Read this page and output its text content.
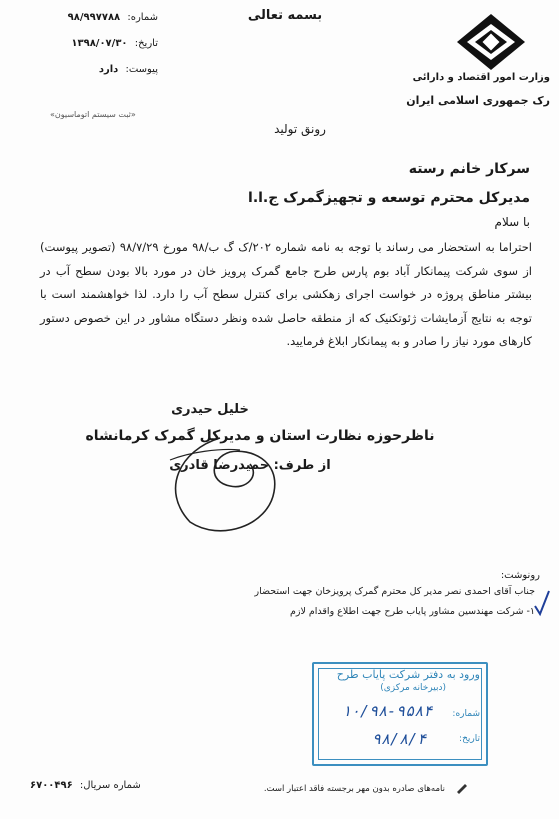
بسمه تعالی
شماره: ۹۸/۹۹۷۷۸۸
تاریخ: ۱۳۹۸/۰۷/۳۰
پیوست: دارد
«ثبت سیستم اتوماسیون»
وزارت امور اقتصاد و دارائی
رک جمهوری اسلامی ایران
رونق تولید
سرکار خانم رسته
مدیرکل محترم توسعه و تجهیزگمرک ج.ا.ا
با سلام
احتراما به استحضار می رساند با توجه به نامه شماره ۲۰۲/ک گ ب/۹۸ مورخ ۹۸/۷/۲۹ (تصویر پیوست) از سوی شرکت پیمانکار آباد بوم پارس طرح جامع گمرک پرویز خان در مورد بالا بودن سطح آب در بیشتر مناطق پروژه در خواست اجرای زهکشی برای کنترل سطح آب را دارد. لذا خواهشمند است با توجه به نتایج آزمایشات ژئوتکنیک که از منطقه حاصل شده ونظر دستگاه مشاور در این خصوص دستور کارهای مورد نیاز را صادر و به پیمانکار ابلاغ فرمایید.
خلیل حیدری
ناظرحوزه نظارت استان و مدیرکل گمرک کرمانشاه
از طرف: حمیدرضا قادری
رونوشت:
جناب آقای احمدی نصر مدیر کل محترم گمرک پرویزخان جهت استحضار
۱- شرکت مهندسین مشاور پایاب طرح جهت اطلاع واقدام لازم
ورود به دفتر شرکت پایاب طرح
(دبیرخانه مرکزی)
شماره:
۱۰/۹۸-۹۵۸۴
تاریخ:
۹۸/۸/۴
نامه‌های صادره بدون مهر برجسته فاقد اعتبار است.
شماره سریال: ۶۷۰۰۴۹۶
